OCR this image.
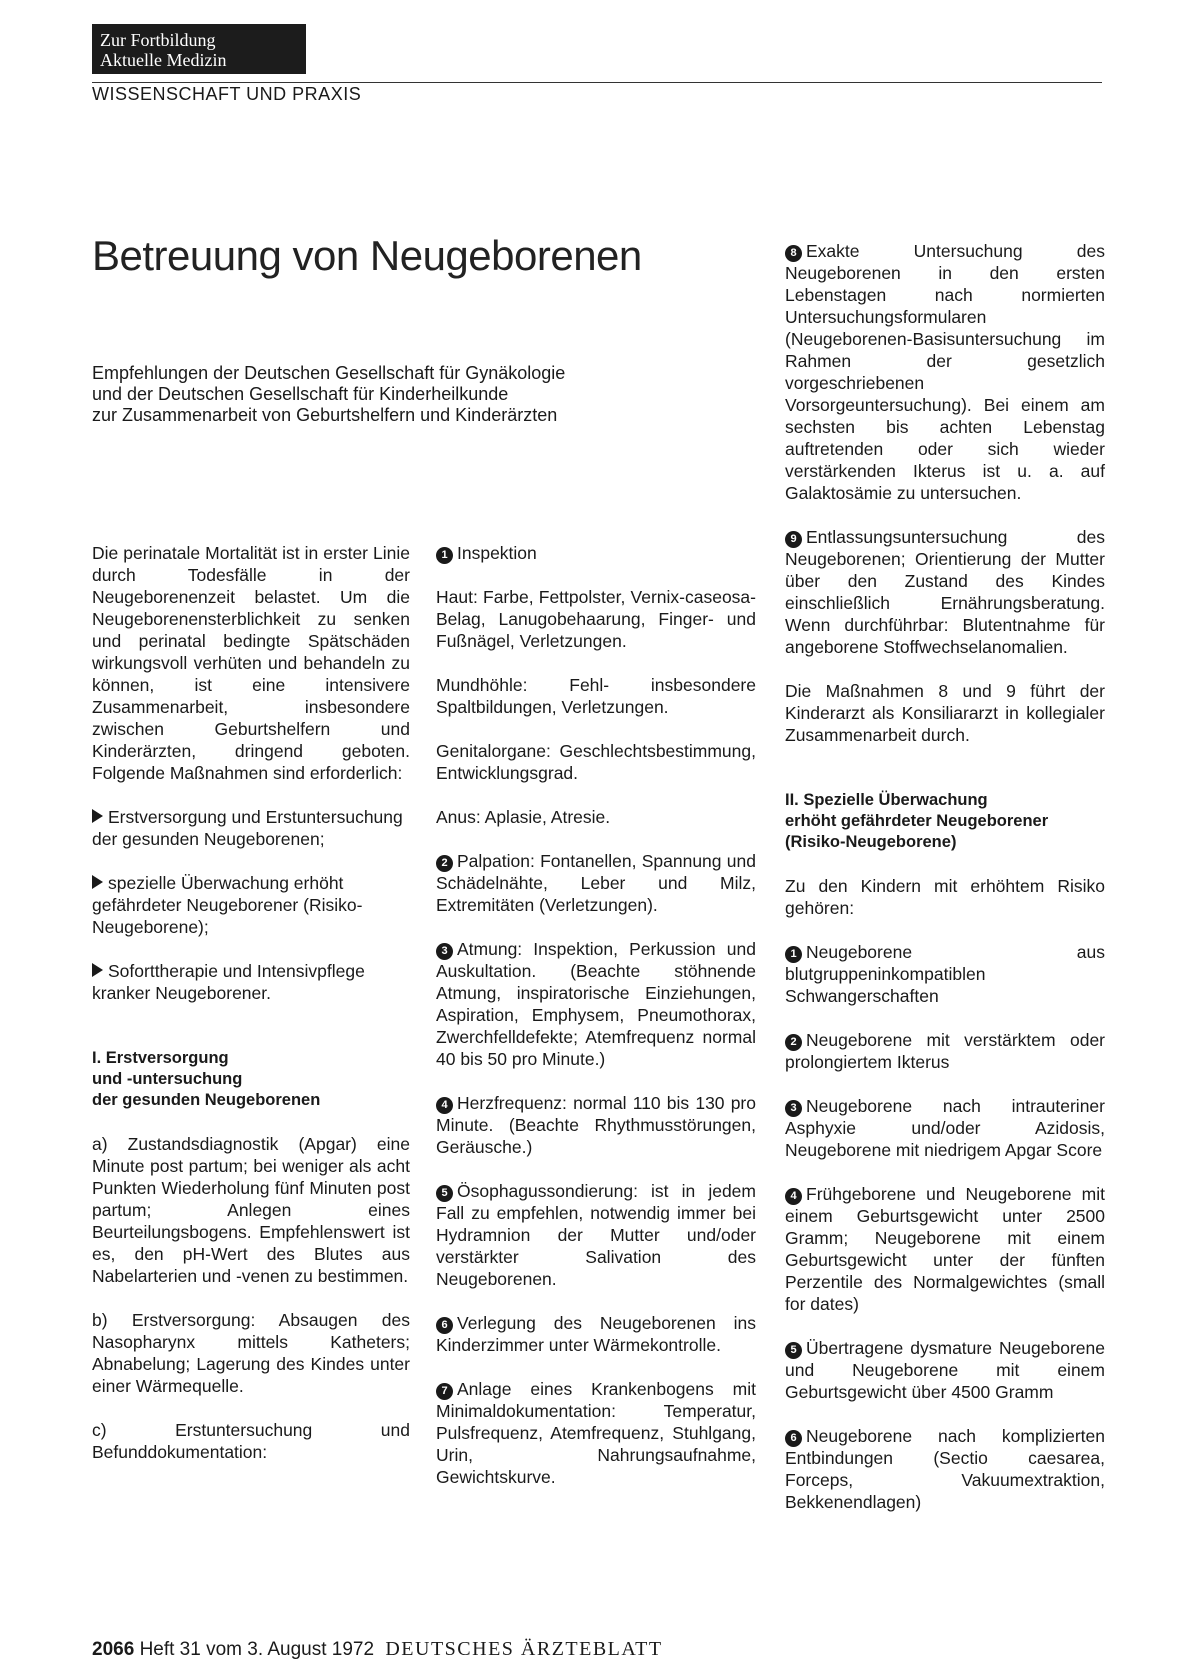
Zur Fortbildung
Aktuelle Medizin
WISSENSCHAFT UND PRAXIS
Betreuung von Neugeborenen
Empfehlungen der Deutschen Gesellschaft für Gynäkologie
und der Deutschen Gesellschaft für Kinderheilkunde
zur Zusammenarbeit von Geburtshelfern und Kinderärzten

Die perinatale Mortalität ist in erster Linie durch Todesfälle in der Neugeborenenzeit belastet. Um die Neugeborenensterblichkeit zu senken und perinatal bedingte Spätschäden wirkungsvoll verhüten und behandeln zu können, ist eine intensivere Zusammenarbeit, insbesondere zwischen Geburtshelfern und Kinderärzten, dringend geboten. Folgende Maßnahmen sind erforderlich:

Erstversorgung und Erstuntersuchung der gesunden Neugeborenen;

spezielle Überwachung erhöht gefährdeter Neugeborener (Risiko-Neugeborene);

Soforttherapie und Intensivpflege kranker Neugeborener.

I. Erstversorgung
und -untersuchung
der gesunden Neugeborenen

a) Zustandsdiagnostik (Apgar) eine Minute post partum; bei weniger als acht Punkten Wiederholung fünf Minuten post partum; Anlegen eines Beurteilungsbogens. Empfehlenswert ist es, den pH-Wert des Blutes aus Nabelarterien und -venen zu bestimmen.

b) Erstversorgung: Absaugen des Nasopharynx mittels Katheters; Abnabelung; Lagerung des Kindes unter einer Wärmequelle.

c) Erstuntersuchung und Befunddokumentation:

1 Inspektion

Haut: Farbe, Fettpolster, Vernix-caseosa-Belag, Lanugobehaarung, Finger- und Fußnägel, Verletzungen.

Mundhöhle: Fehl- insbesondere Spaltbildungen, Verletzungen.

Genitalorgane: Geschlechtsbestimmung, Entwicklungsgrad.

Anus: Aplasie, Atresie.

2 Palpation: Fontanellen, Spannung und Schädelnähte, Leber und Milz, Extremitäten (Verletzungen).

3 Atmung: Inspektion, Perkussion und Auskultation. (Beachte stöhnende Atmung, inspiratorische Einziehungen, Aspiration, Emphysem, Pneumothorax, Zwerchfelldefekte; Atemfrequenz normal 40 bis 50 pro Minute.)

4 Herzfrequenz: normal 110 bis 130 pro Minute. (Beachte Rhythmusstörungen, Geräusche.)

5 Ösophagussondierung: ist in jedem Fall zu empfehlen, notwendig immer bei Hydramnion der Mutter und/oder verstärkter Salivation des Neugeborenen.

6 Verlegung des Neugeborenen ins Kinderzimmer unter Wärmekontrolle.

7 Anlage eines Krankenbogens mit Minimaldokumentation: Temperatur, Pulsfrequenz, Atemfrequenz, Stuhlgang, Urin, Nahrungsaufnahme, Gewichtskurve.

8 Exakte Untersuchung des Neugeborenen in den ersten Lebenstagen nach normierten Untersuchungsformularen (Neugeborenen-Basisuntersuchung im Rahmen der gesetzlich vorgeschriebenen Vorsorgeuntersuchung). Bei einem am sechsten bis achten Lebenstag auftretenden oder sich wieder verstärkenden Ikterus ist u. a. auf Galaktosämie zu untersuchen.

9 Entlassungsuntersuchung des Neugeborenen; Orientierung der Mutter über den Zustand des Kindes einschließlich Ernährungsberatung. Wenn durchführbar: Blutentnahme für angeborene Stoffwechselanomalien.

Die Maßnahmen 8 und 9 führt der Kinderarzt als Konsiliararzt in kollegialer Zusammenarbeit durch.

II. Spezielle Überwachung
erhöht gefährdeter Neugeborener
(Risiko-Neugeborene)

Zu den Kindern mit erhöhtem Risiko gehören:

1 Neugeborene aus blutgruppeninkompatiblen Schwangerschaften

2 Neugeborene mit verstärktem oder prolongiertem Ikterus

3 Neugeborene nach intrauteriner Asphyxie und/oder Azidosis, Neugeborene mit niedrigem Apgar Score

4 Frühgeborene und Neugeborene mit einem Geburtsgewicht unter 2500 Gramm; Neugeborene mit einem Geburtsgewicht unter der fünften Perzentile des Normalgewichtes (small for dates)

5 Übertragene dysmature Neugeborene und Neugeborene mit einem Geburtsgewicht über 4500 Gramm

6 Neugeborene nach komplizierten Entbindungen (Sectio caesarea, Forceps, Vakuumextraktion, Bekkenendlagen)

2066 Heft 31 vom 3. August 1972 DEUTSCHES ÄRZTEBLATT
